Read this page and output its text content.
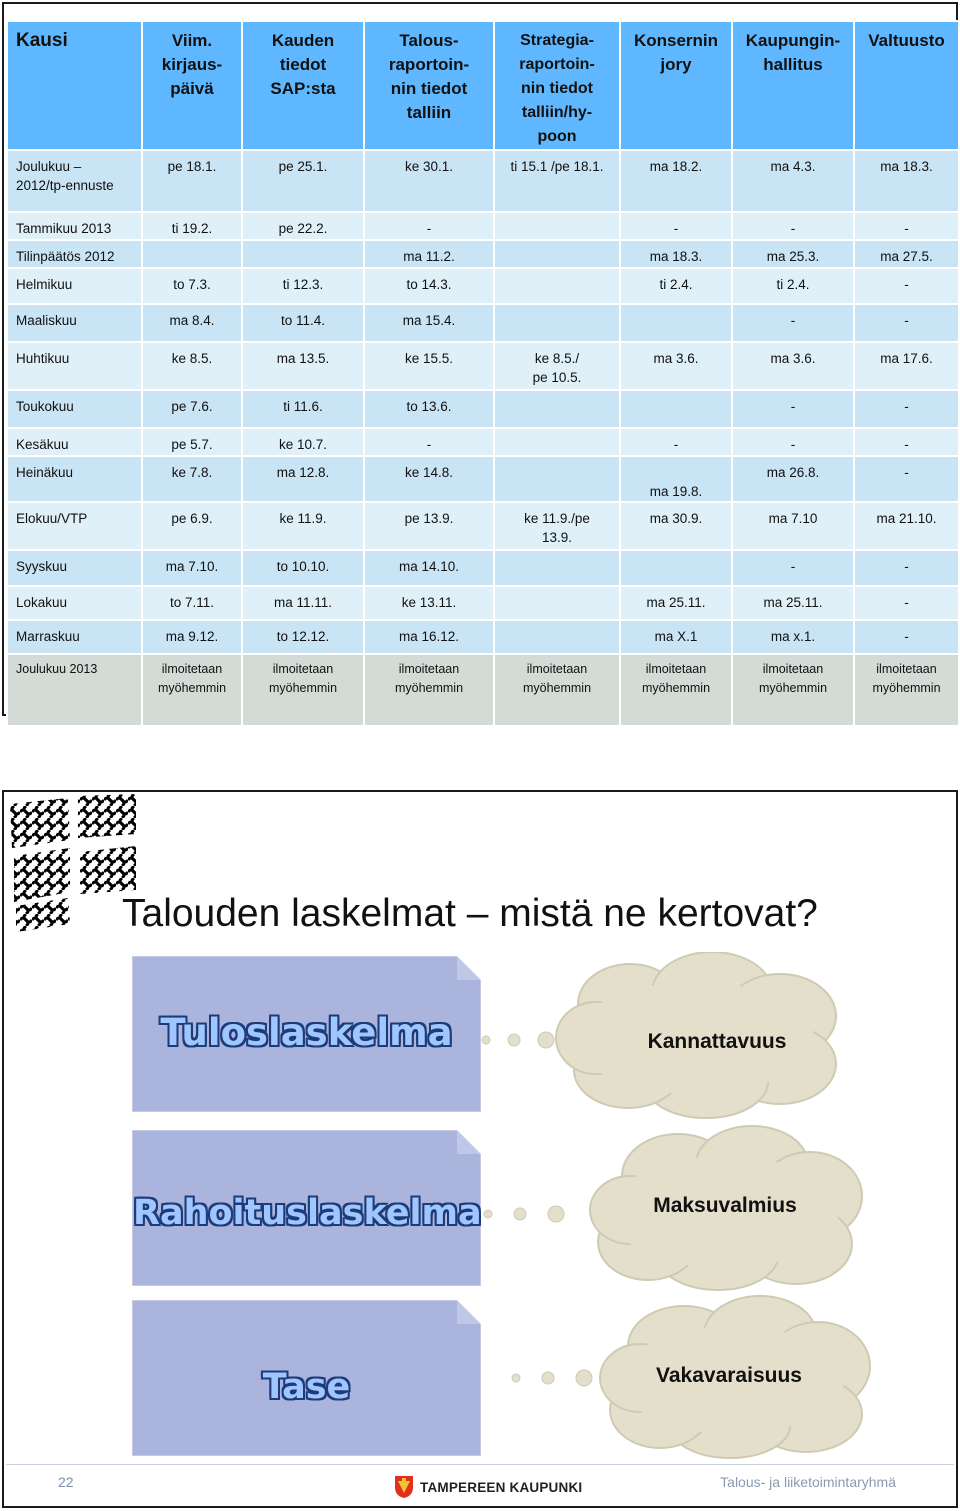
Kausi	Viim.
kirjaus-
päivä	Kauden
tiedot
SAP:sta	Talous-
raportoin-
nin tiedot
talliin	Strategia-
raportoin-
nin tiedot
talliin/hy-
poon	Konsernin
jory	Kaupungin-
hallitus	Valtuusto

Joulukuu –
2012/tp-ennuste	pe 18.1.	pe 25.1.	ke 30.1.	ti 15.1 /pe 18.1.	ma 18.2.	ma 4.3.	ma 18.3.

Tammikuu 2013	ti 19.2.	pe 22.2.	-		-	-	-

Tilinpäätös 2012			ma 11.2.		ma 18.3.	ma 25.3.	ma 27.5.

Helmikuu	to 7.3.	ti 12.3.	to 14.3.		ti 2.4.	ti 2.4.	-

Maaliskuu	ma 8.4.	to 11.4.	ma 15.4.			-	-

Huhtikuu	ke 8.5.	ma 13.5.	ke 15.5.	ke 8.5./
pe 10.5.	ma 3.6.	ma 3.6.	ma 17.6.

Toukokuu	pe 7.6.	ti 11.6.	to 13.6.			-	-

Kesäkuu	pe 5.7.	ke 10.7.	-		-	-	-

Heinäkuu	ke 7.8.	ma 12.8.	ke 14.8.		ma 19.8.	ma 26.8.	-

Elokuu/VTP	pe 6.9.	ke 11.9.	pe 13.9.	ke 11.9./pe
13.9.	ma 30.9.	ma 7.10	ma 21.10.

Syyskuu	ma 7.10.	to 10.10.	ma 14.10.			-	-

Lokakuu	to 7.11.	ma 11.11.	ke 13.11.		ma 25.11.	ma 25.11.	-

Marraskuu	ma 9.12.	to 12.12.	ma 16.12.		ma X.1	ma x.1.	-

Joulukuu 2013	ilmoitetaan
myöhemmin	ilmoitetaan
myöhemmin	ilmoitetaan
myöhemmin	ilmoitetaan
myöhemmin	ilmoitetaan
myöhemmin	ilmoitetaan
myöhemmin	ilmoitetaan
myöhemmin
Talouden laskelmat – mistä ne kertovat?
Tuloslaskelma	Kannattavuus
Rahoituslaskelma	Maksuvalmius
Tase	Vakavaraisuus
22	TAMPEREEN KAUPUNKI	Talous- ja liiketoimintaryhmä
